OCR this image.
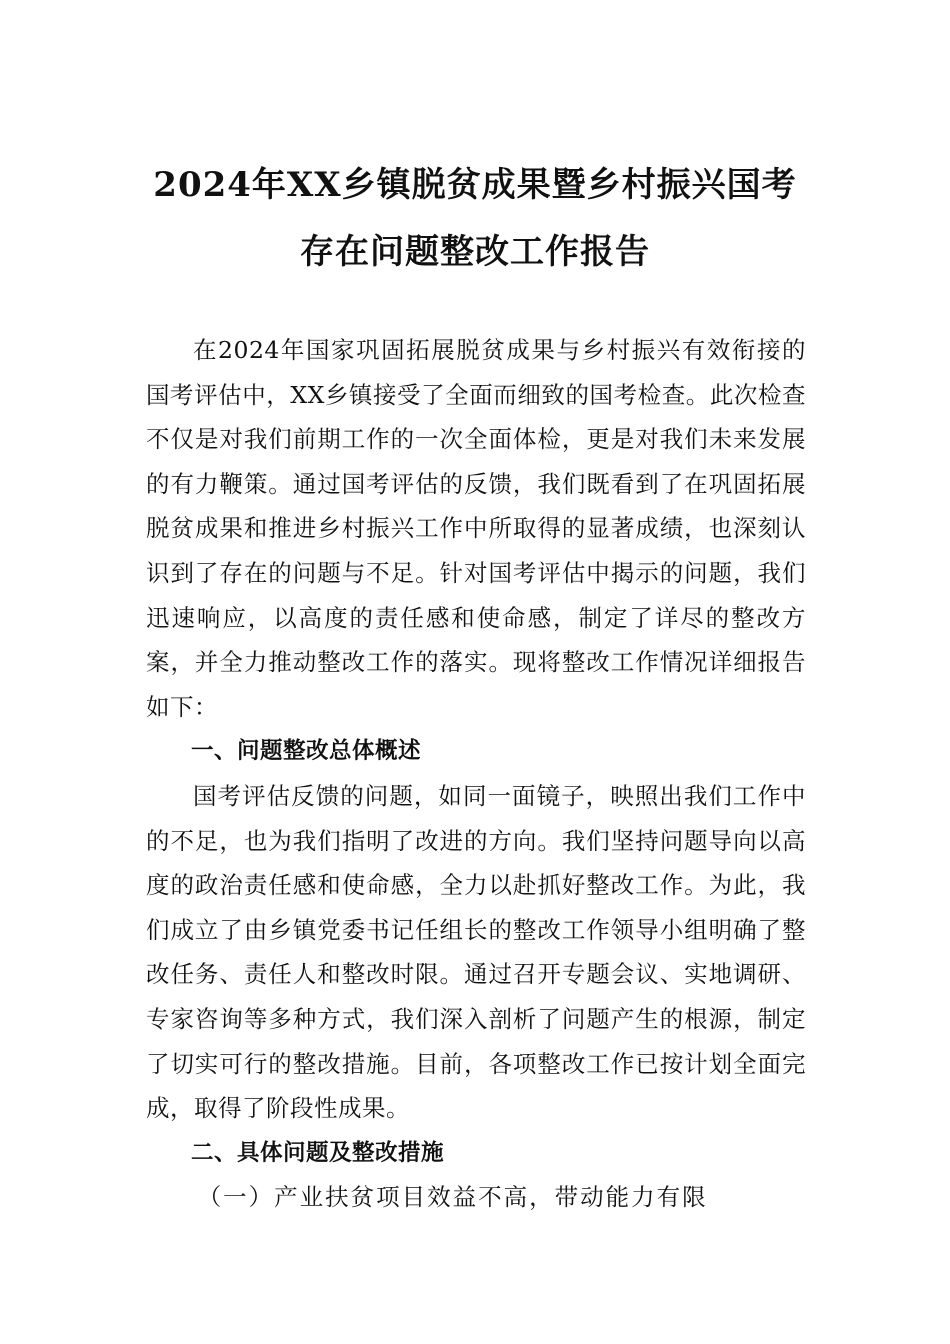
2024年XX乡镇脱贫成果暨乡村振兴国考
存在问题整改工作报告

在2024年国家巩固拓展脱贫成果与乡村振兴有效衔接的国考评估中，XX乡镇接受了全面而细致的国考检查。此次检查不仅是对我们前期工作的一次全面体检，更是对我们未来发展的有力鞭策。通过国考评估的反馈，我们既看到了在巩固拓展脱贫成果和推进乡村振兴工作中所取得的显著成绩，也深刻认识到了存在的问题与不足。针对国考评估中揭示的问题，我们迅速响应，以高度的责任感和使命感，制定了详尽的整改方案，并全力推动整改工作的落实。现将整改工作情况详细报告如下：

一、问题整改总体概述

国考评估反馈的问题，如同一面镜子，映照出我们工作中的不足，也为我们指明了改进的方向。我们坚持问题导向以高度的政治责任感和使命感，全力以赴抓好整改工作。为此，我们成立了由乡镇党委书记任组长的整改工作领导小组明确了整改任务、责任人和整改时限。通过召开专题会议、实地调研、专家咨询等多种方式，我们深入剖析了问题产生的根源，制定了切实可行的整改措施。目前，各项整改工作已按计划全面完成，取得了阶段性成果。

二、具体问题及整改措施

（一）产业扶贫项目效益不高，带动能力有限
